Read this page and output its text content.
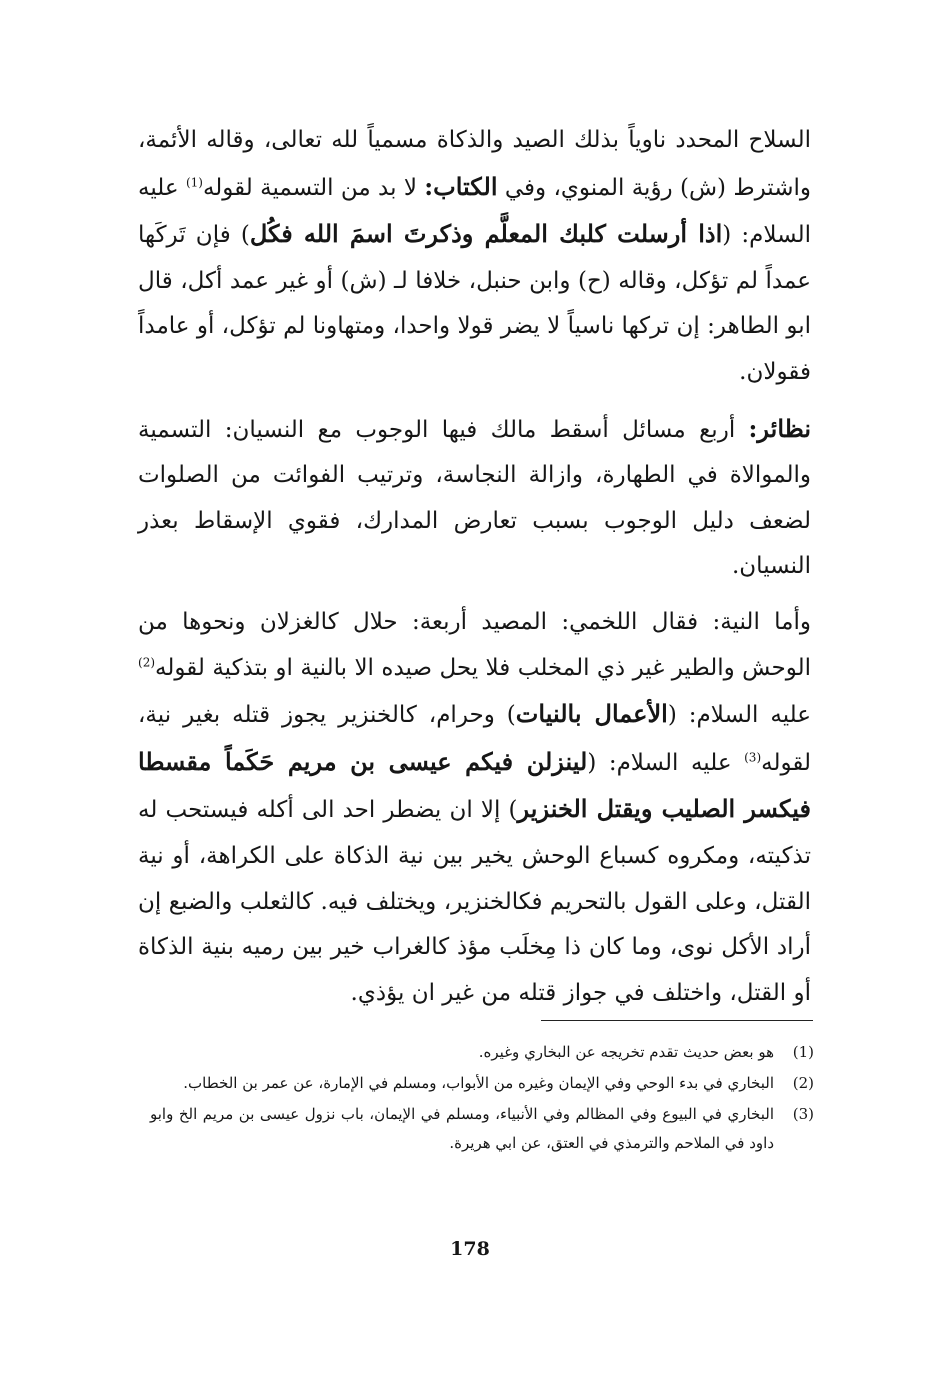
السلاح المحدد ناوياً بذلك الصيد والذكاة مسمياً لله تعالى، وقاله الأئمة، واشترط (ش) رؤية المنوي، وفي الكتاب: لا بد من التسمية لقوله$^{(1)}$ عليه السلام: (اذا أرسلت كلبك المعلَّم وذكرتَ اسمَ الله فكُل) فإن تَركَها عمداً لم تؤكل، وقاله (ح) وابن حنبل، خلافا لـ (ش) أو غير عمد أكل، قال ابو الطاهر: إن تركها ناسياً لا يضر قولا واحدا، ومتهاونا لم تؤكل، أو عامداً فقولان.

نظائر: أربع مسائل أسقط مالك فيها الوجوب مع النسيان: التسمية والموالاة في الطهارة، وازالة النجاسة، وترتيب الفوائت من الصلوات لضعف دليل الوجوب بسبب تعارض المدارك، فقوي الإسقاط بعذر النسيان.

وأما النية: فقال اللخمي: المصيد أربعة: حلال كالغزلان ونحوها من الوحش والطير غير ذي المخلب فلا يحل صيده الا بالنية او بتذكية لقوله$^{(2)}$ عليه السلام: (الأعمال بالنيات) وحرام، كالخنزير يجوز قتله بغير نية، لقوله$^{(3)}$ عليه السلام: (لينزلن فيكم عيسى بن مريم حَكَماً مقسطا فيكسر الصليب ويقتل الخنزير) إلا ان يضطر احد الى أكله فيستحب له تذكيته، ومكروه كسباع الوحش يخير بين نية الذكاة على الكراهة، أو نية القتل، وعلى القول بالتحريم فكالخنزير، ويختلف فيه. كالثعلب والضبع إن أراد الأكل نوى، وما كان ذا مِخلَب مؤذ كالغراب خير بين رميه بنية الذكاة أو القتل، واختلف في جواز قتله من غير ان يؤذي.

(1)
هو بعض حديث تقدم تخريجه عن البخاري وغيره.
(2)
البخاري في بدء الوحي وفي الإيمان وغيره من الأبواب، ومسلم في الإمارة، عن عمر بن الخطاب.
(3)
البخاري في البيوع وفي المظالم وفي الأنبياء، ومسلم في الإيمان، باب نزول عيسى بن مريم الخ وابو داود في الملاحم والترمذي في العتق، عن ابي هريرة.
178
